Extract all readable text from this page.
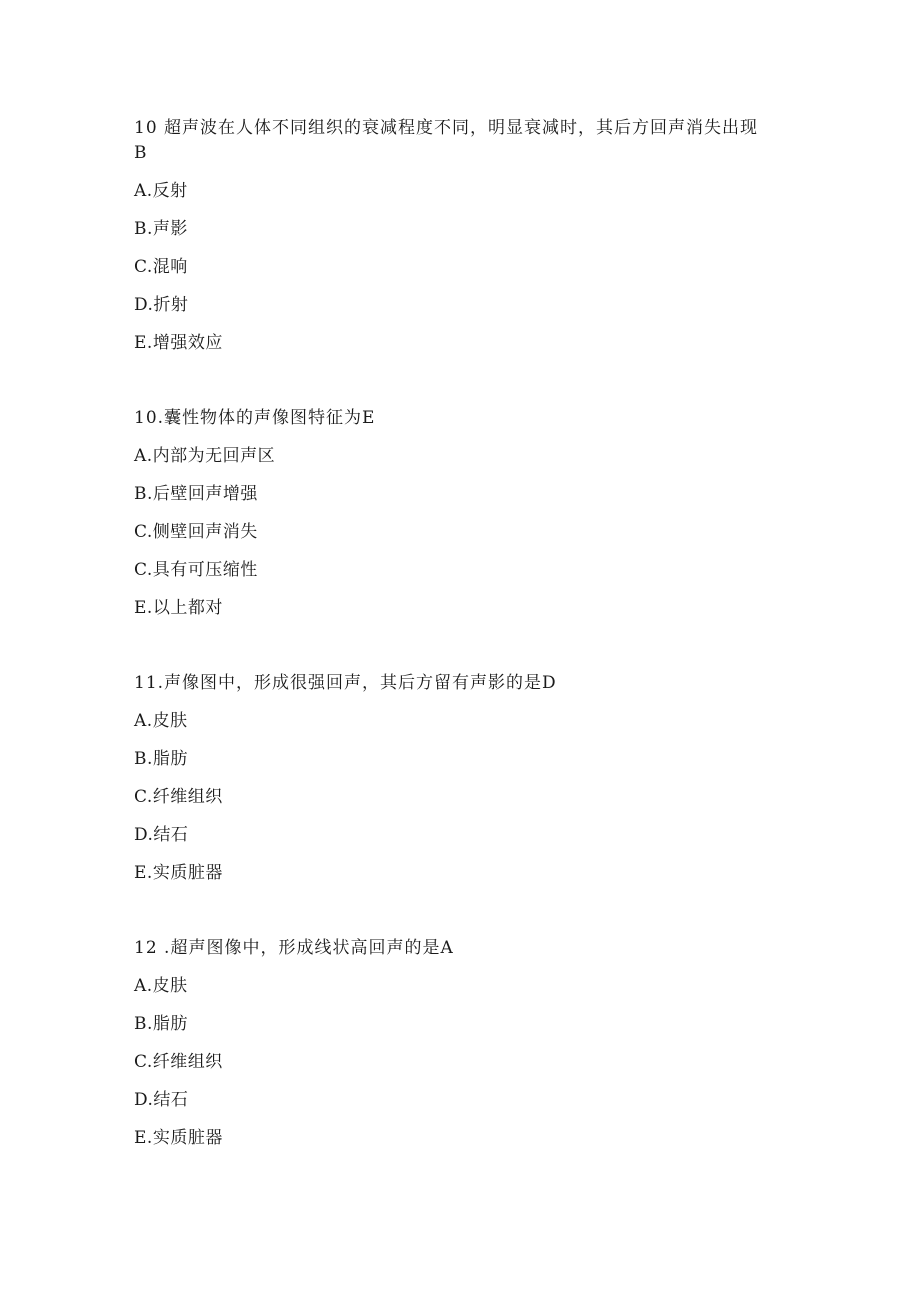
10 超声波在人体不同组织的衰减程度不同，明显衰减时，其后方回声消失出现
B
A.反射
B.声影
C.混响
D.折射
E.增强效应
10.囊性物体的声像图特征为E
A.内部为无回声区
B.后壁回声增强
C.侧壁回声消失
C.具有可压缩性
E.以上都对
11.声像图中，形成很强回声，其后方留有声影的是D
A.皮肤
B.脂肪
C.纤维组织
D.结石
E.实质脏器
12 .超声图像中，形成线状高回声的是A
A.皮肤
B.脂肪
C.纤维组织
D.结石
E.实质脏器
